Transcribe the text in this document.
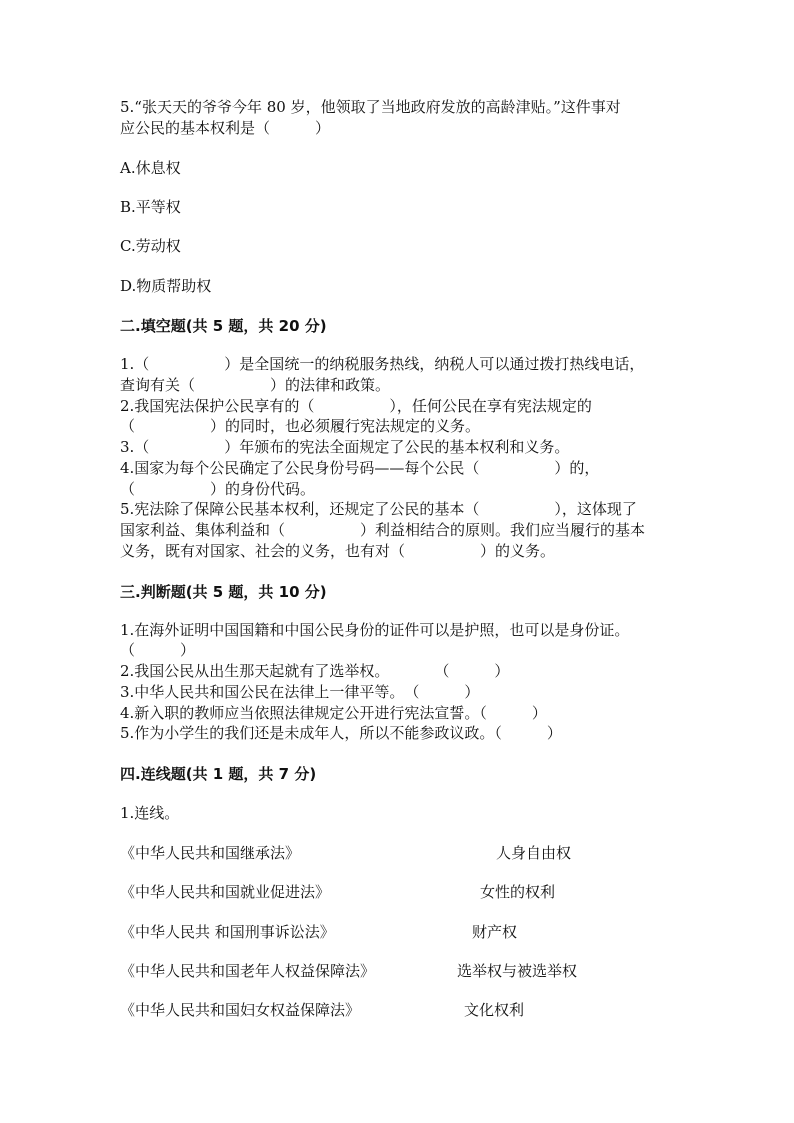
5.“张天天的爷爷今年 80 岁，他领取了当地政府发放的高龄津贴。”这件事对
应公民的基本权利是（　　　）
A.休息权
B.平等权
C.劳动权
D.物质帮助权
二.填空题(共 5 题，共 20 分)
1.（　　　　　）是全国统一的纳税服务热线，纳税人可以通过拨打热线电话，
查询有关（　　　　　）的法律和政策。
2.我国宪法保护公民享有的（　　　　　），任何公民在享有宪法规定的
（　　　　　）的同时，也必须履行宪法规定的义务。
3.（　　　　　）年颁布的宪法全面规定了公民的基本权利和义务。
4.国家为每个公民确定了公民身份号码——每个公民（　　　　　）的，
（　　　　　）的身份代码。
5.宪法除了保障公民基本权利，还规定了公民的基本（　　　　　），这体现了
国家利益、集体利益和（　　　　　）利益相结合的原则。我们应当履行的基本
义务，既有对国家、社会的义务，也有对（　　　　　）的义务。
三.判断题(共 5 题，共 10 分)
1.在海外证明中国国籍和中国公民身份的证件可以是护照，也可以是身份证。
（　　　）
2.我国公民从出生那天起就有了选举权。　　　　（　　　）
3.中华人民共和国公民在法律上一律平等。　（　　　）
4.新入职的教师应当依照法律规定公开进行宪法宣誓。（　　　）
5.作为小学生的我们还是未成年人，所以不能参政议政。（　　　）
四.连线题(共 1 题，共 7 分)
1.连线。
《中华人民共和国继承法》	人身自由权
《中华人民共和国就业促进法》	女性的权利
《中华人民共 和国刑事诉讼法》	财产权
《中华人民共和国老年人权益保障法》	选举权与被选举权
《中华人民共和国妇女权益保障法》	文化权利
